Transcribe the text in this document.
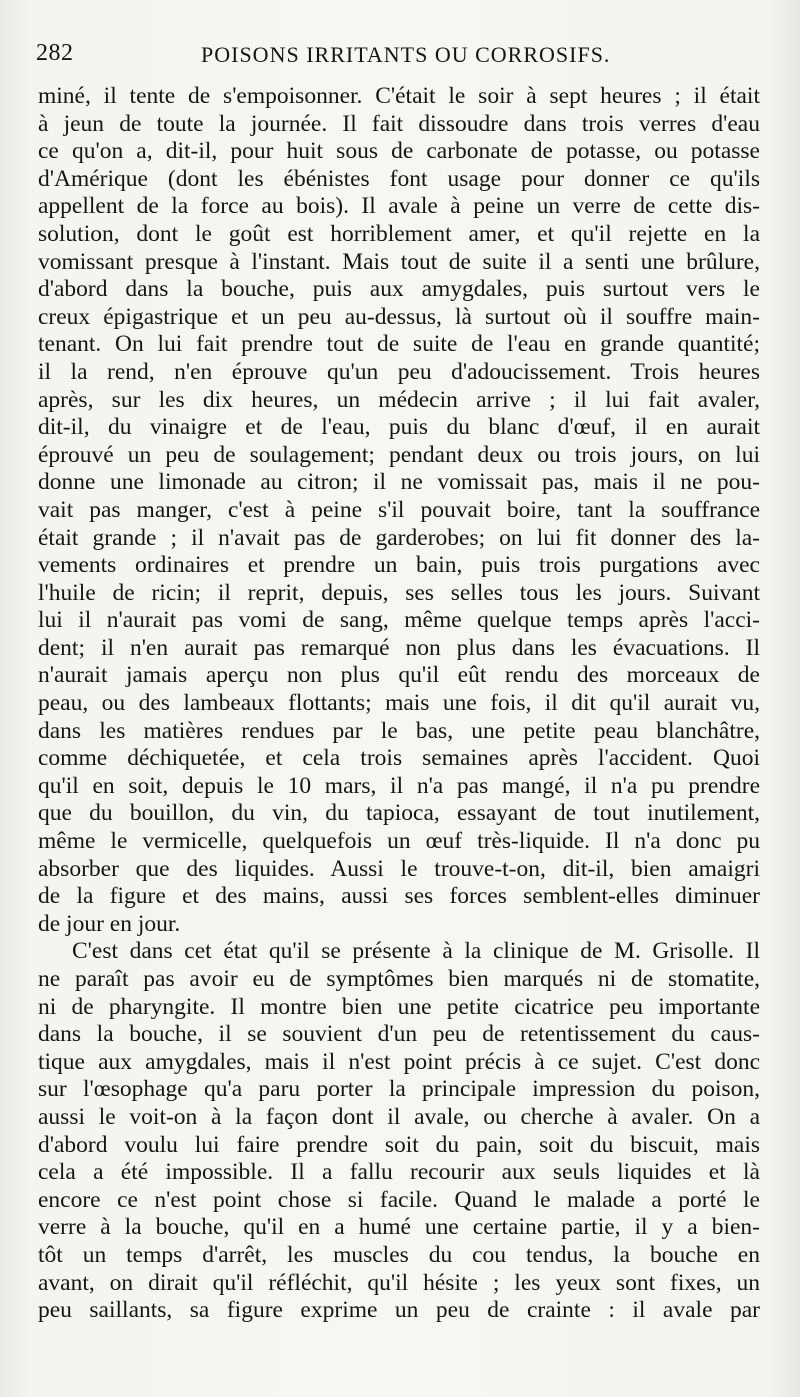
282	POISONS IRRITANTS OU CORROSIFS.
miné, il tente de s'empoisonner. C'était le soir à sept heures ; il était
à jeun de toute la journée. Il fait dissoudre dans trois verres d'eau
ce qu'on a, dit-il, pour huit sous de carbonate de potasse, ou potasse
d'Amérique (dont les ébénistes font usage pour donner ce qu'ils
appellent de la force au bois). Il avale à peine un verre de cette dis-
solution, dont le goût est horriblement amer, et qu'il rejette en la
vomissant presque à l'instant. Mais tout de suite il a senti une brûlure,
d'abord dans la bouche, puis aux amygdales, puis surtout vers le
creux épigastrique et un peu au-dessus, là surtout où il souffre main-
tenant. On lui fait prendre tout de suite de l'eau en grande quantité;
il la rend, n'en éprouve qu'un peu d'adoucissement. Trois heures
après, sur les dix heures, un médecin arrive ; il lui fait avaler,
dit-il, du vinaigre et de l'eau, puis du blanc d'œuf, il en aurait
éprouvé un peu de soulagement; pendant deux ou trois jours, on lui
donne une limonade au citron; il ne vomissait pas, mais il ne pou-
vait pas manger, c'est à peine s'il pouvait boire, tant la souffrance
était grande ; il n'avait pas de garderobes; on lui fit donner des la-
vements ordinaires et prendre un bain, puis trois purgations avec
l'huile de ricin; il reprit, depuis, ses selles tous les jours. Suivant
lui il n'aurait pas vomi de sang, même quelque temps après l'acci-
dent; il n'en aurait pas remarqué non plus dans les évacuations. Il
n'aurait jamais aperçu non plus qu'il eût rendu des morceaux de
peau, ou des lambeaux flottants; mais une fois, il dit qu'il aurait vu,
dans les matières rendues par le bas, une petite peau blanchâtre,
comme déchiquetée, et cela trois semaines après l'accident. Quoi
qu'il en soit, depuis le 10 mars, il n'a pas mangé, il n'a pu prendre
que du bouillon, du vin, du tapioca, essayant de tout inutilement,
même le vermicelle, quelquefois un œuf très-liquide. Il n'a donc pu
absorber que des liquides. Aussi le trouve-t-on, dit-il, bien amaigri
de la figure et des mains, aussi ses forces semblent-elles diminuer
de jour en jour.
C'est dans cet état qu'il se présente à la clinique de M. Grisolle. Il
ne paraît pas avoir eu de symptômes bien marqués ni de stomatite,
ni de pharyngite. Il montre bien une petite cicatrice peu importante
dans la bouche, il se souvient d'un peu de retentissement du caus-
tique aux amygdales, mais il n'est point précis à ce sujet. C'est donc
sur l'œsophage qu'a paru porter la principale impression du poison,
aussi le voit-on à la façon dont il avale, ou cherche à avaler. On a
d'abord voulu lui faire prendre soit du pain, soit du biscuit, mais
cela a été impossible. Il a fallu recourir aux seuls liquides et là
encore ce n'est point chose si facile. Quand le malade a porté le
verre à la bouche, qu'il en a humé une certaine partie, il y a bien-
tôt un temps d'arrêt, les muscles du cou tendus, la bouche en
avant, on dirait qu'il réfléchit, qu'il hésite ; les yeux sont fixes, un
peu saillants, sa figure exprime un peu de crainte : il avale par
